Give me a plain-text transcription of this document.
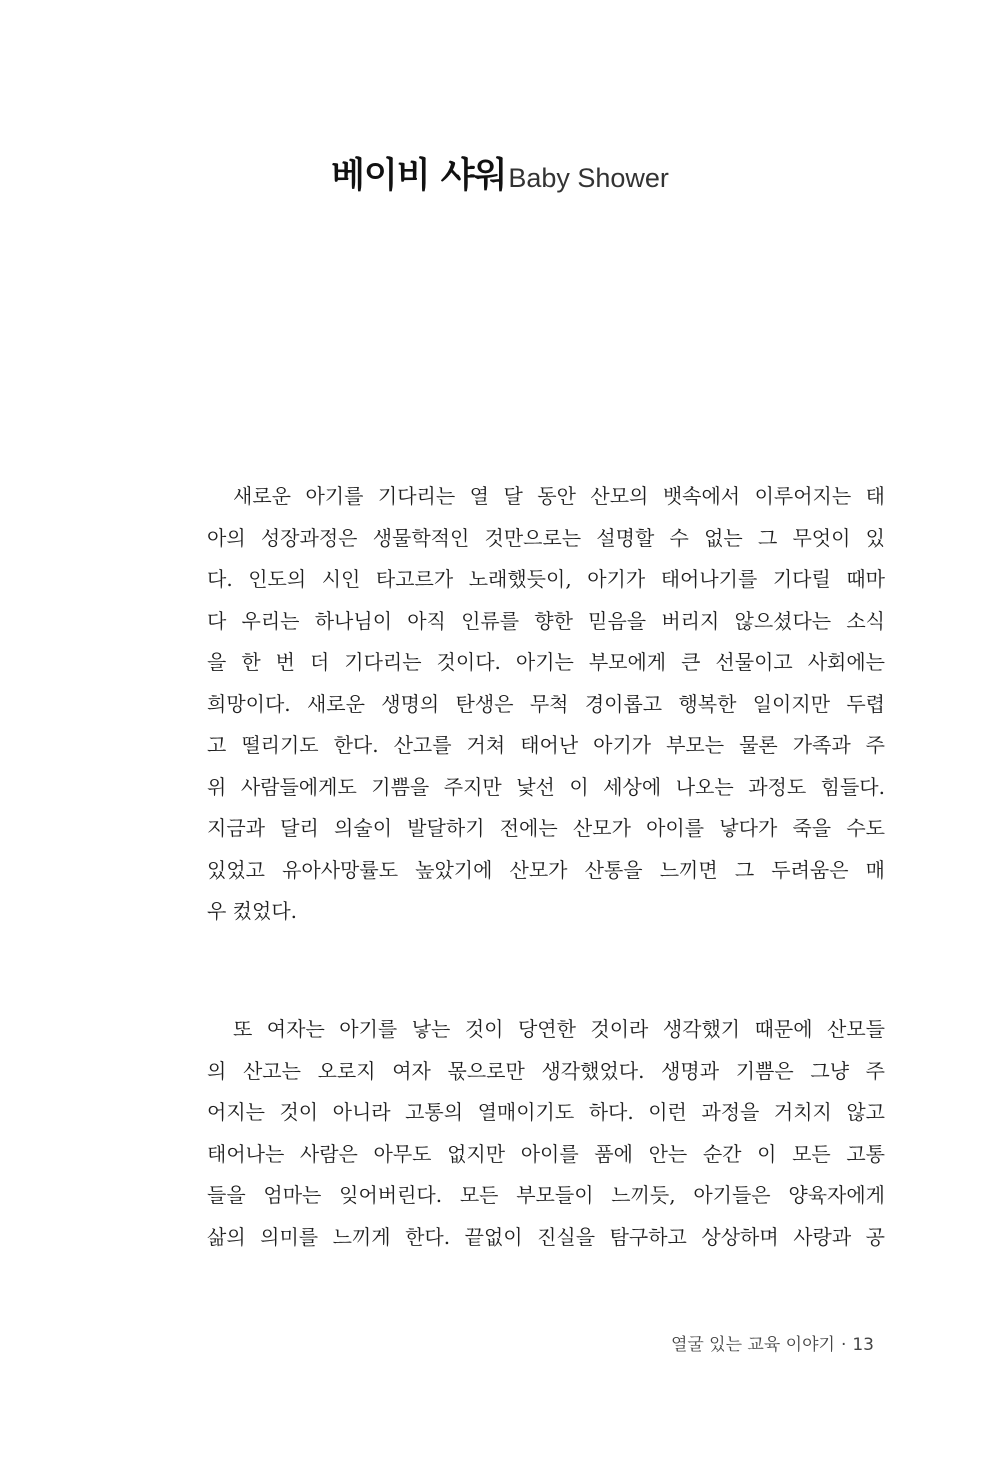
베이비 샤워Baby Shower
새로운 아기를 기다리는 열 달 동안 산모의 뱃속에서 이루어지는 태
아의 성장과정은 생물학적인 것만으로는 설명할 수 없는 그 무엇이 있
다. 인도의 시인 타고르가 노래했듯이, 아기가 태어나기를 기다릴 때마
다 우리는 하나님이 아직 인류를 향한 믿음을 버리지 않으셨다는 소식
을 한 번 더 기다리는 것이다. 아기는 부모에게 큰 선물이고 사회에는
희망이다. 새로운 생명의 탄생은 무척 경이롭고 행복한 일이지만 두렵
고 떨리기도 한다. 산고를 거쳐 태어난 아기가 부모는 물론 가족과 주
위 사람들에게도 기쁨을 주지만 낯선 이 세상에 나오는 과정도 힘들다.
지금과 달리 의술이 발달하기 전에는 산모가 아이를 낳다가 죽을 수도
있었고 유아사망률도 높았기에 산모가 산통을 느끼면 그 두려움은 매
우 컸었다.
또 여자는 아기를 낳는 것이 당연한 것이라 생각했기 때문에 산모들
의 산고는 오로지 여자 몫으로만 생각했었다. 생명과 기쁨은 그냥 주
어지는 것이 아니라 고통의 열매이기도 하다. 이런 과정을 거치지 않고
태어나는 사람은 아무도 없지만 아이를 품에 안는 순간 이 모든 고통
들을 엄마는 잊어버린다. 모든 부모들이 느끼듯, 아기들은 양육자에게
삶의 의미를 느끼게 한다. 끝없이 진실을 탐구하고 상상하며 사랑과 공
열굴 있는 교육 이야기 · 13
